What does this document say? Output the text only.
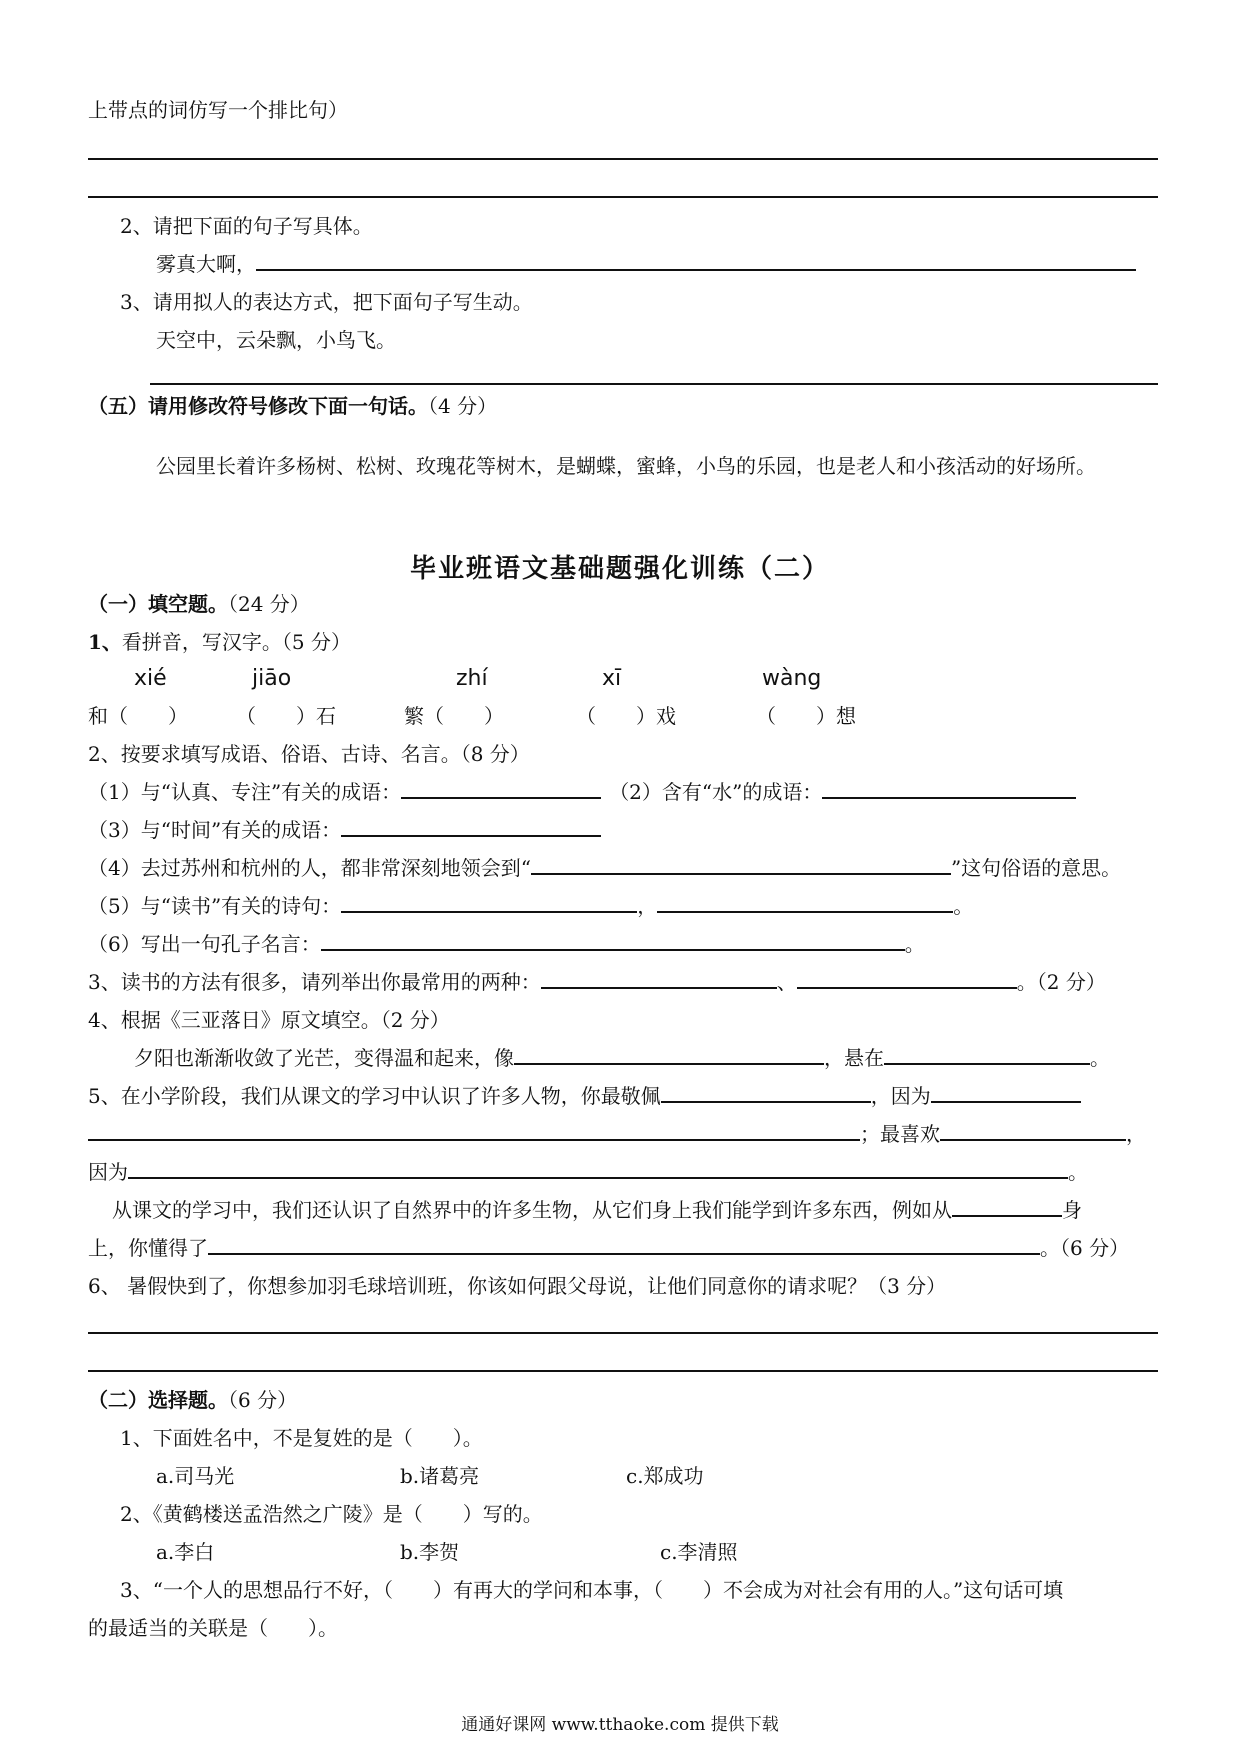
上带点的词仿写一个排比句）
2、请把下面的句子写具体。
雾真大啊，
3、请用拟人的表达方式，把下面句子写生动。
天空中，云朵飘，小鸟飞。
（五）请用修改符号修改下面一句话。（4 分）
公园里长着许多杨树、松树、玫瑰花等树木，是蝴蝶，蜜蜂，小鸟的乐园，也是老人和小孩活动的好场所。
毕业班语文基础题强化训练（二）
（一）填空题。（24 分）
1、看拼音，写汉字。（5 分）
xié	jiāo	zhí	xī	wàng
和（　　） （　　）石	繁（　　）	（　　）戏	（　　）想
2、按要求填写成语、俗语、古诗、名言。（8 分）
（1）与“认真、专注”有关的成语：	（2）含有“水”的成语：
（3）与“时间”有关的成语：
（4）去过苏州和杭州的人，都非常深刻地领会到“	”这句俗语的意思。
（5）与“读书”有关的诗句：	，	。
（6）写出一句孔子名言：	。
3、读书的方法有很多，请列举出你最常用的两种：	、	。（2 分）
4、根据《三亚落日》原文填空。（2 分）
夕阳也渐渐收敛了光芒，变得温和起来，像	，悬在	。
5、在小学阶段，我们从课文的学习中认识了许多人物，你最敬佩	，因为
；最喜欢	，
因为	。
从课文的学习中，我们还认识了自然界中的许多生物，从它们身上我们能学到许多东西，例如从	身
上，你懂得了	。（6 分）
6、 暑假快到了，你想参加羽毛球培训班，你该如何跟父母说，让他们同意你的请求呢？（3 分）
（二）选择题。（6 分）
1、下面姓名中，不是复姓的是（　　）。
a.司马光	b.诸葛亮	c.郑成功
2、《黄鹤楼送孟浩然之广陵》是（　　）写的。
a.李白	b.李贺	c.李清照
3、“一个人的思想品行不好，（　　）有再大的学问和本事，（　　）不会成为对社会有用的人。”这句话可填
的最适当的关联是（　　）。
通通好课网 www.tthaoke.com 提供下载
